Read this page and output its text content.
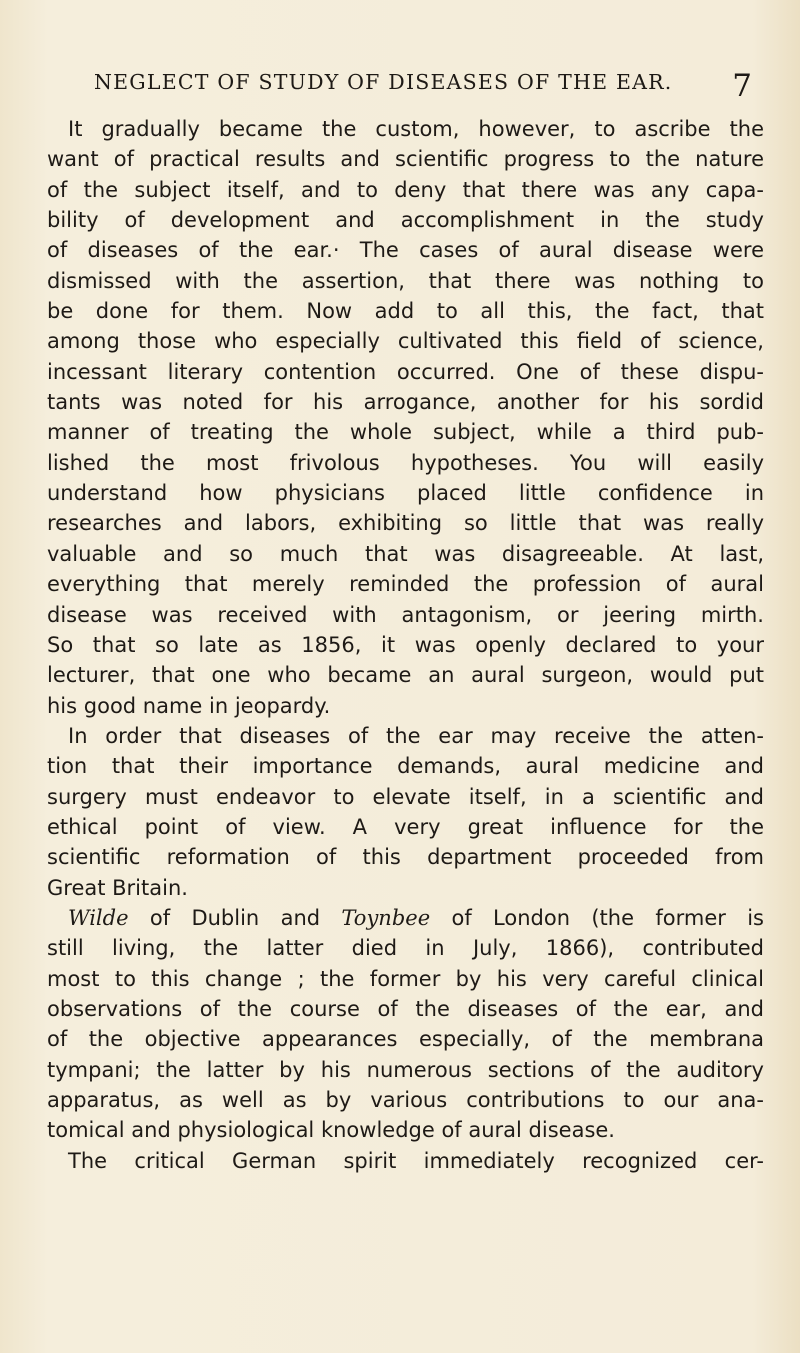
NEGLECT OF STUDY OF DISEASES OF THE EAR. 7
It gradually became the custom, however, to ascribe the
want of practical results and scientific progress to the nature
of the subject itself, and to deny that there was any capa-
bility of development and accomplishment in the study
of diseases of the ear.· The cases of aural disease were
dismissed with the assertion, that there was nothing to
be done for them. Now add to all this, the fact, that
among those who especially cultivated this field of science,
incessant literary contention occurred. One of these dispu-
tants was noted for his arrogance, another for his sordid
manner of treating the whole subject, while a third pub-
lished the most frivolous hypotheses. You will easily
understand how physicians placed little confidence in
researches and labors, exhibiting so little that was really
valuable and so much that was disagreeable. At last,
everything that merely reminded the profession of aural
disease was received with antagonism, or jeering mirth.
So that so late as 1856, it was openly declared to your
lecturer, that one who became an aural surgeon, would put
his good name in jeopardy.
In order that diseases of the ear may receive the atten-
tion that their importance demands, aural medicine and
surgery must endeavor to elevate itself, in a scientific and
ethical point of view. A very great influence for the
scientific reformation of this department proceeded from
Great Britain.
Wilde of Dublin and Toynbee of London (the former is
still living, the latter died in July, 1866), contributed
most to this change ; the former by his very careful clinical
observations of the course of the diseases of the ear, and
of the objective appearances especially, of the membrana
tympani; the latter by his numerous sections of the auditory
apparatus, as well as by various contributions to our ana-
tomical and physiological knowledge of aural disease.
The critical German spirit immediately recognized cer-
